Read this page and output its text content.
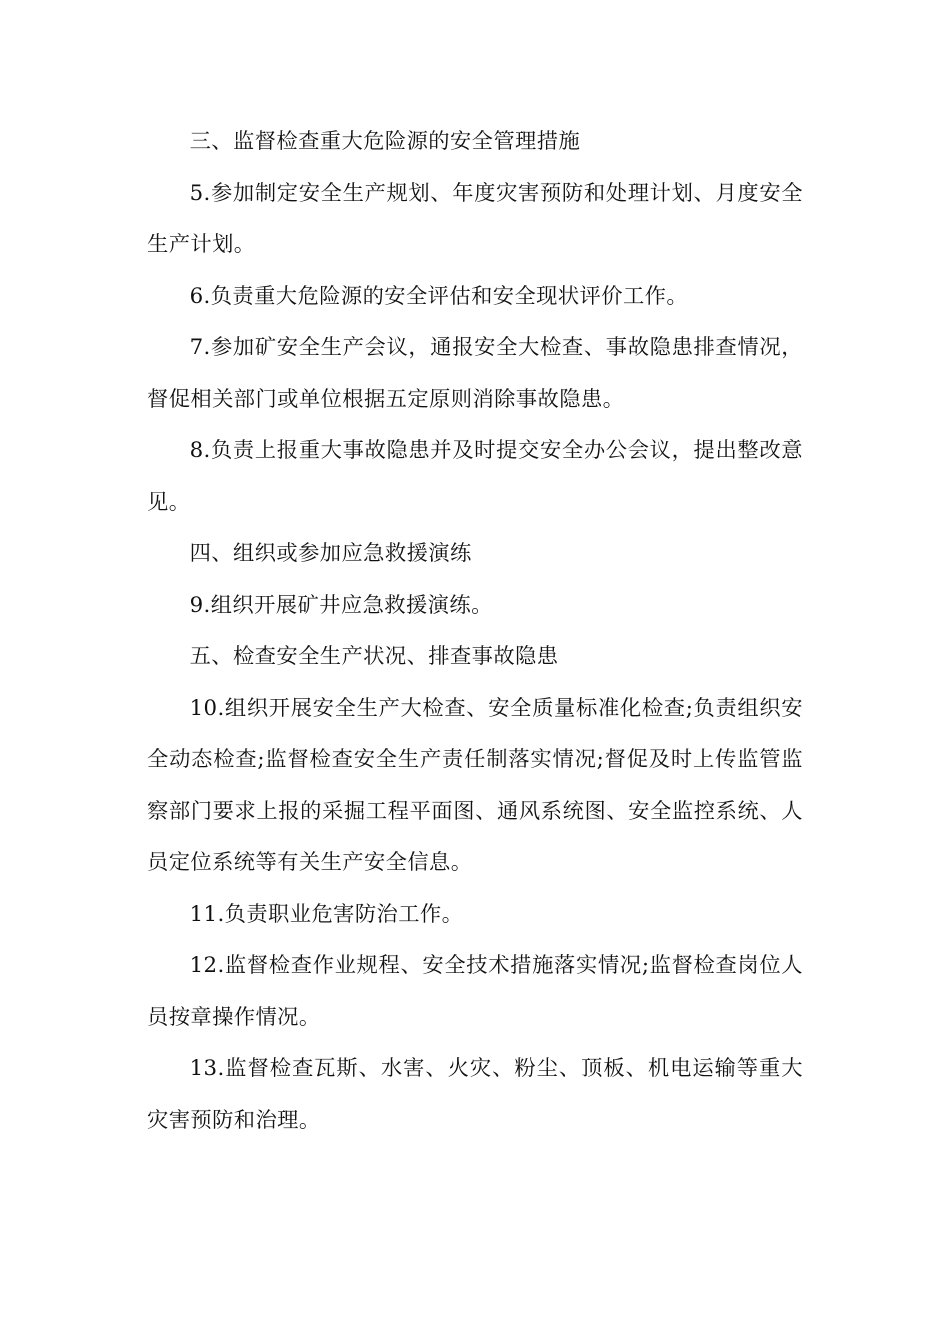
三、监督检查重大危险源的安全管理措施

5.参加制定安全生产规划、年度灾害预防和处理计划、月度安全生产计划。

6.负责重大危险源的安全评估和安全现状评价工作。

7.参加矿安全生产会议，通报安全大检查、事故隐患排查情况，督促相关部门或单位根据五定原则消除事故隐患。

8.负责上报重大事故隐患并及时提交安全办公会议，提出整改意见。

四、组织或参加应急救援演练

9.组织开展矿井应急救援演练。

五、检查安全生产状况、排查事故隐患

10.组织开展安全生产大检查、安全质量标准化检查;负责组织安全动态检查;监督检查安全生产责任制落实情况;督促及时上传监管监察部门要求上报的采掘工程平面图、通风系统图、安全监控系统、人员定位系统等有关生产安全信息。

11.负责职业危害防治工作。

12.监督检查作业规程、安全技术措施落实情况;监督检查岗位人员按章操作情况。

13.监督检查瓦斯、水害、火灾、粉尘、顶板、机电运输等重大灾害预防和治理。
